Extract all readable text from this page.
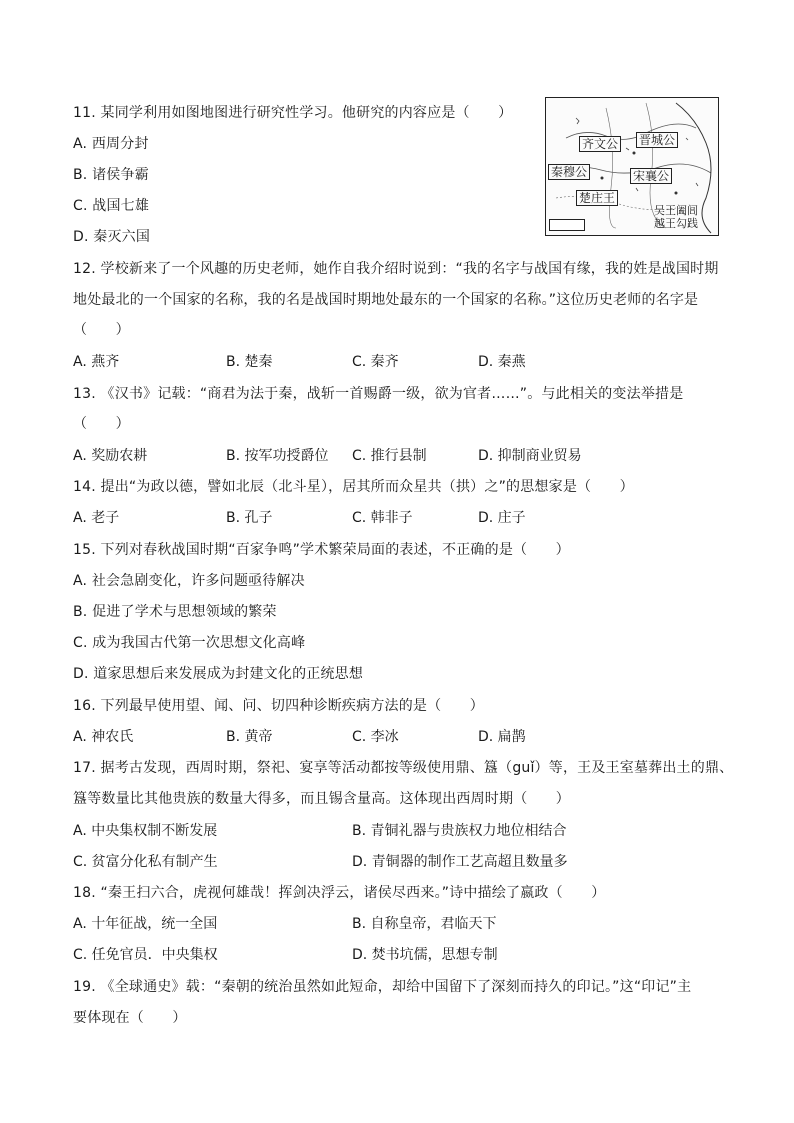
11. 某同学利用如图地图进行研究性学习。他研究的内容应是（　　）
A. 西周分封
B. 诸侯争霸
C. 战国七雄
D. 秦灭六国
齐文公 晋城公
秦穆公	宋襄公
楚庄王
吴王阖闾
越王勾践
12. 学校新来了一个风趣的历史老师，她作自我介绍时说到：“我的名字与战国有缘，我的姓是战国时期
地处最北的一个国家的名称，我的名是战国时期地处最东的一个国家的名称。”这位历史老师的名字是
（　　）
A. 燕齐	B. 楚秦	C. 秦齐	D. 秦燕
13. 《汉书》记载：“商君为法于秦，战斩一首赐爵一级，欲为官者……”。与此相关的变法举措是
（　　）
A. 奖励农耕	B. 按军功授爵位 C. 推行县制	D. 抑制商业贸易
14. 提出“为政以德，譬如北辰（北斗星），居其所而众星共（拱）之”的思想家是（　　）
A. 老子	B. 孔子	C. 韩非子	D. 庄子
15. 下列对春秋战国时期“百家争鸣”学术繁荣局面的表述，不正确的是（　　）
A. 社会急剧变化，许多问题亟待解决
B. 促进了学术与思想领域的繁荣
C. 成为我国古代第一次思想文化高峰
D. 道家思想后来发展成为封建文化的正统思想
16. 下列最早使用望、闻、问、切四种诊断疾病方法的是（　　）
A. 神农氏	B. 黄帝	C. 李冰	D. 扁鹊
17. 据考古发现，西周时期，祭祀、宴享等活动都按等级使用鼎、簋（guǐ）等，王及王室墓葬出土的鼎、
簋等数量比其他贵族的数量大得多，而且锡含量高。这体现出西周时期（　　）
A. 中央集权制不断发展	B. 青铜礼器与贵族权力地位相结合
C. 贫富分化私有制产生	D. 青铜器的制作工艺高超且数量多
18. “秦王扫六合，虎视何雄哉！挥剑决浮云，诸侯尽西来。”诗中描绘了嬴政（　　）
A. 十年征战，统一全国	B. 自称皇帝，君临天下
C. 任免官员．中央集权	D. 焚书坑儒，思想专制
19. 《全球通史》载：“秦朝的统治虽然如此短命，却给中国留下了深刻而持久的印记。”这“印记”主
要体现在（　　）
